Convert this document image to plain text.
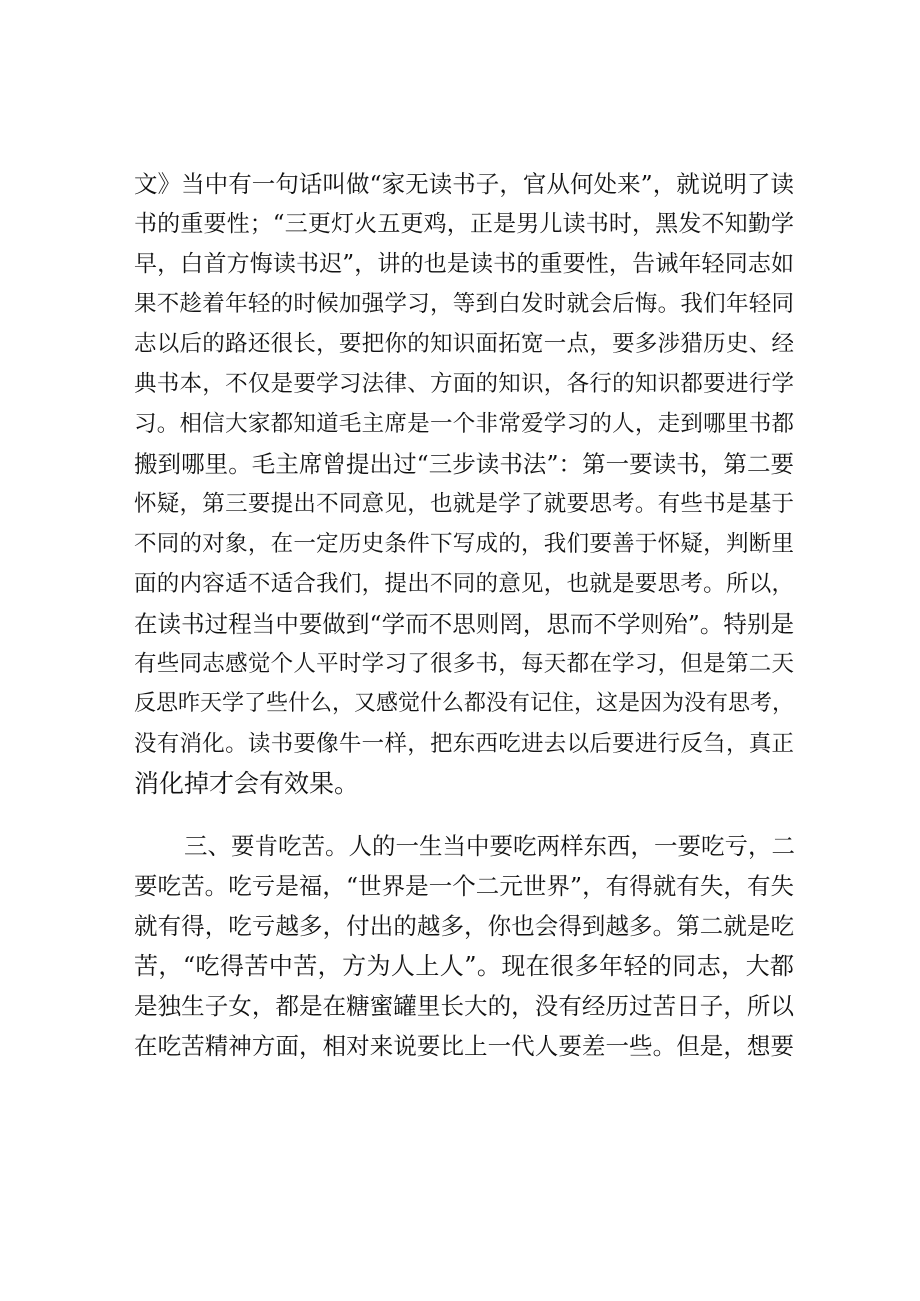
文》当中有一句话叫做“家无读书子，官从何处来”，就说明了读
书的重要性；“三更灯火五更鸡，正是男儿读书时，黑发不知勤学
早，白首方悔读书迟”，讲的也是读书的重要性，告诫年轻同志如
果不趁着年轻的时候加强学习，等到白发时就会后悔。我们年轻同
志以后的路还很长，要把你的知识面拓宽一点，要多涉猎历史、经
典书本，不仅是要学习法律、方面的知识，各行的知识都要进行学
习。相信大家都知道毛主席是一个非常爱学习的人，走到哪里书都
搬到哪里。毛主席曾提出过“三步读书法”：第一要读书，第二要
怀疑，第三要提出不同意见，也就是学了就要思考。有些书是基于
不同的对象，在一定历史条件下写成的，我们要善于怀疑，判断里
面的内容适不适合我们，提出不同的意见，也就是要思考。所以，
在读书过程当中要做到“学而不思则罔，思而不学则殆”。特别是
有些同志感觉个人平时学习了很多书，每天都在学习，但是第二天
反思昨天学了些什么，又感觉什么都没有记住，这是因为没有思考，
没有消化。读书要像牛一样，把东西吃进去以后要进行反刍，真正
消化掉才会有效果。
三、要肯吃苦。人的一生当中要吃两样东西，一要吃亏，二
要吃苦。吃亏是福，“世界是一个二元世界”，有得就有失，有失
就有得，吃亏越多，付出的越多，你也会得到越多。第二就是吃
苦，“吃得苦中苦，方为人上人”。现在很多年轻的同志，大都
是独生子女，都是在糖蜜罐里长大的，没有经历过苦日子，所以
在吃苦精神方面，相对来说要比上一代人要差一些。但是，想要
